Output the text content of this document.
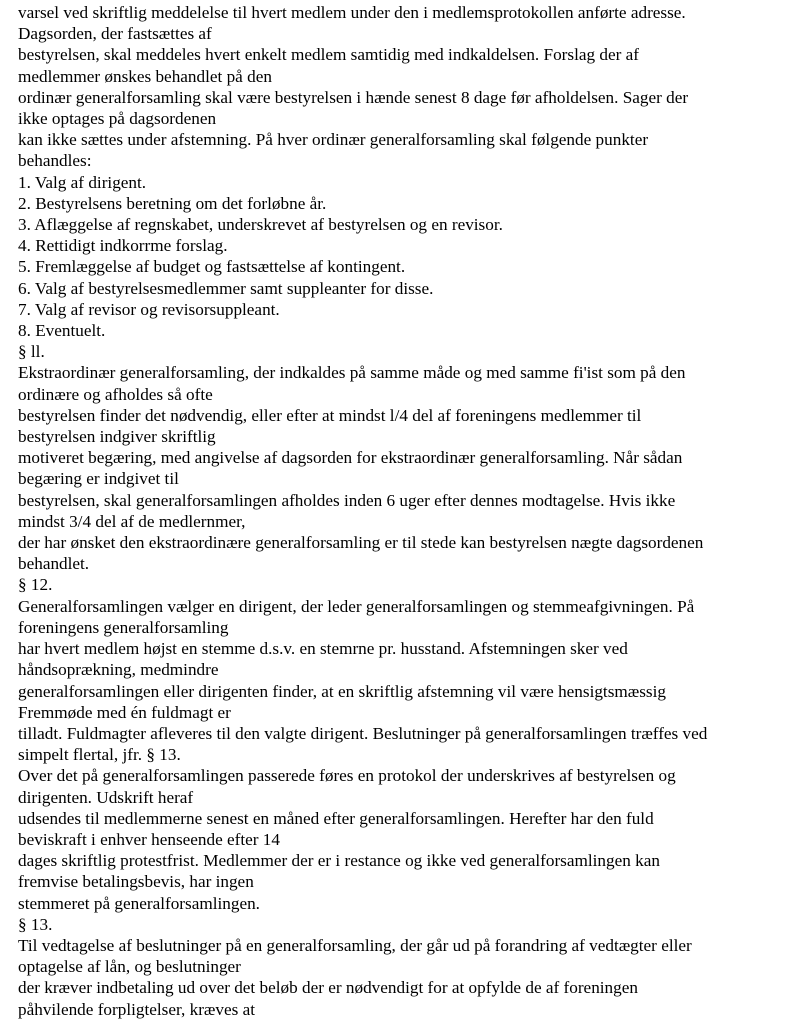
varsel ved skriftlig meddelelse til hvert medlem under den i medlemsprotokollen anførte adresse.
Dagsorden, der fastsættes af
bestyrelsen, skal meddeles hvert enkelt medlem samtidig med indkaldelsen. Forslag der af
medlemmer ønskes behandlet på den
ordinær generalforsamling skal være bestyrelsen i hænde senest 8 dage før afholdelsen. Sager der
ikke optages på dagsordenen
kan ikke sættes under afstemning. På hver ordinær generalforsamling skal følgende punkter
behandles:
1. Valg af dirigent.
2. Bestyrelsens beretning om det forløbne år.
3. Aflæggelse af regnskabet, underskrevet af bestyrelsen og en revisor.
4. Rettidigt indkorrme forslag.
5. Fremlæggelse af budget og fastsættelse af kontingent.
6. Valg af bestyrelsesmedlemmer samt suppleanter for disse.
7. Valg af revisor og revisorsuppleant.
8. Eventuelt.
§ ll.
Ekstraordinær generalforsamling, der indkaldes på samme måde og med samme fi'ist som på den
ordinære og afholdes så ofte
bestyrelsen finder det nødvendig, eller efter at mindst l/4 del af foreningens medlemmer til
bestyrelsen indgiver skriftlig
motiveret begæring, med angivelse af dagsorden for ekstraordinær generalforsamling. Når sådan
begæring er indgivet til
bestyrelsen, skal generalforsamlingen afholdes inden 6 uger efter dennes modtagelse. Hvis ikke
mindst 3/4 del af de medlernmer,
der har ønsket den ekstraordinære generalforsamling er til stede kan bestyrelsen nægte dagsordenen
behandlet.
§ 12.
Generalforsamlingen vælger en dirigent, der leder generalforsamlingen og stemmeafgivningen. På
foreningens generalforsamling
har hvert medlem højst en stemme d.s.v. en stemrne pr. husstand. Afstemningen sker ved
håndsoprækning, medmindre
generalforsamlingen eller dirigenten finder, at en skriftlig afstemning vil være hensigtsmæssig
Fremmøde med én fuldmagt er
tilladt. Fuldmagter afleveres til den valgte dirigent. Beslutninger på generalforsamlingen træffes ved
simpelt flertal, jfr. § 13.
Over det på generalforsamlingen passerede føres en protokol der underskrives af bestyrelsen og
dirigenten. Udskrift heraf
udsendes til medlemmerne senest en måned efter generalforsamlingen. Herefter har den fuld
beviskraft i enhver henseende efter 14
dages skriftlig protestfrist. Medlemmer der er i restance og ikke ved generalforsamlingen kan
fremvise betalingsbevis, har ingen
stemmeret på generalforsamlingen.
§ 13.
Til vedtagelse af beslutninger på en generalforsamling, der går ud på forandring af vedtægter eller
optagelse af lån, og beslutninger
der kræver indbetaling ud over det beløb der er nødvendigt for at opfylde de af foreningen
påhvilende forpligtelser, kræves at
